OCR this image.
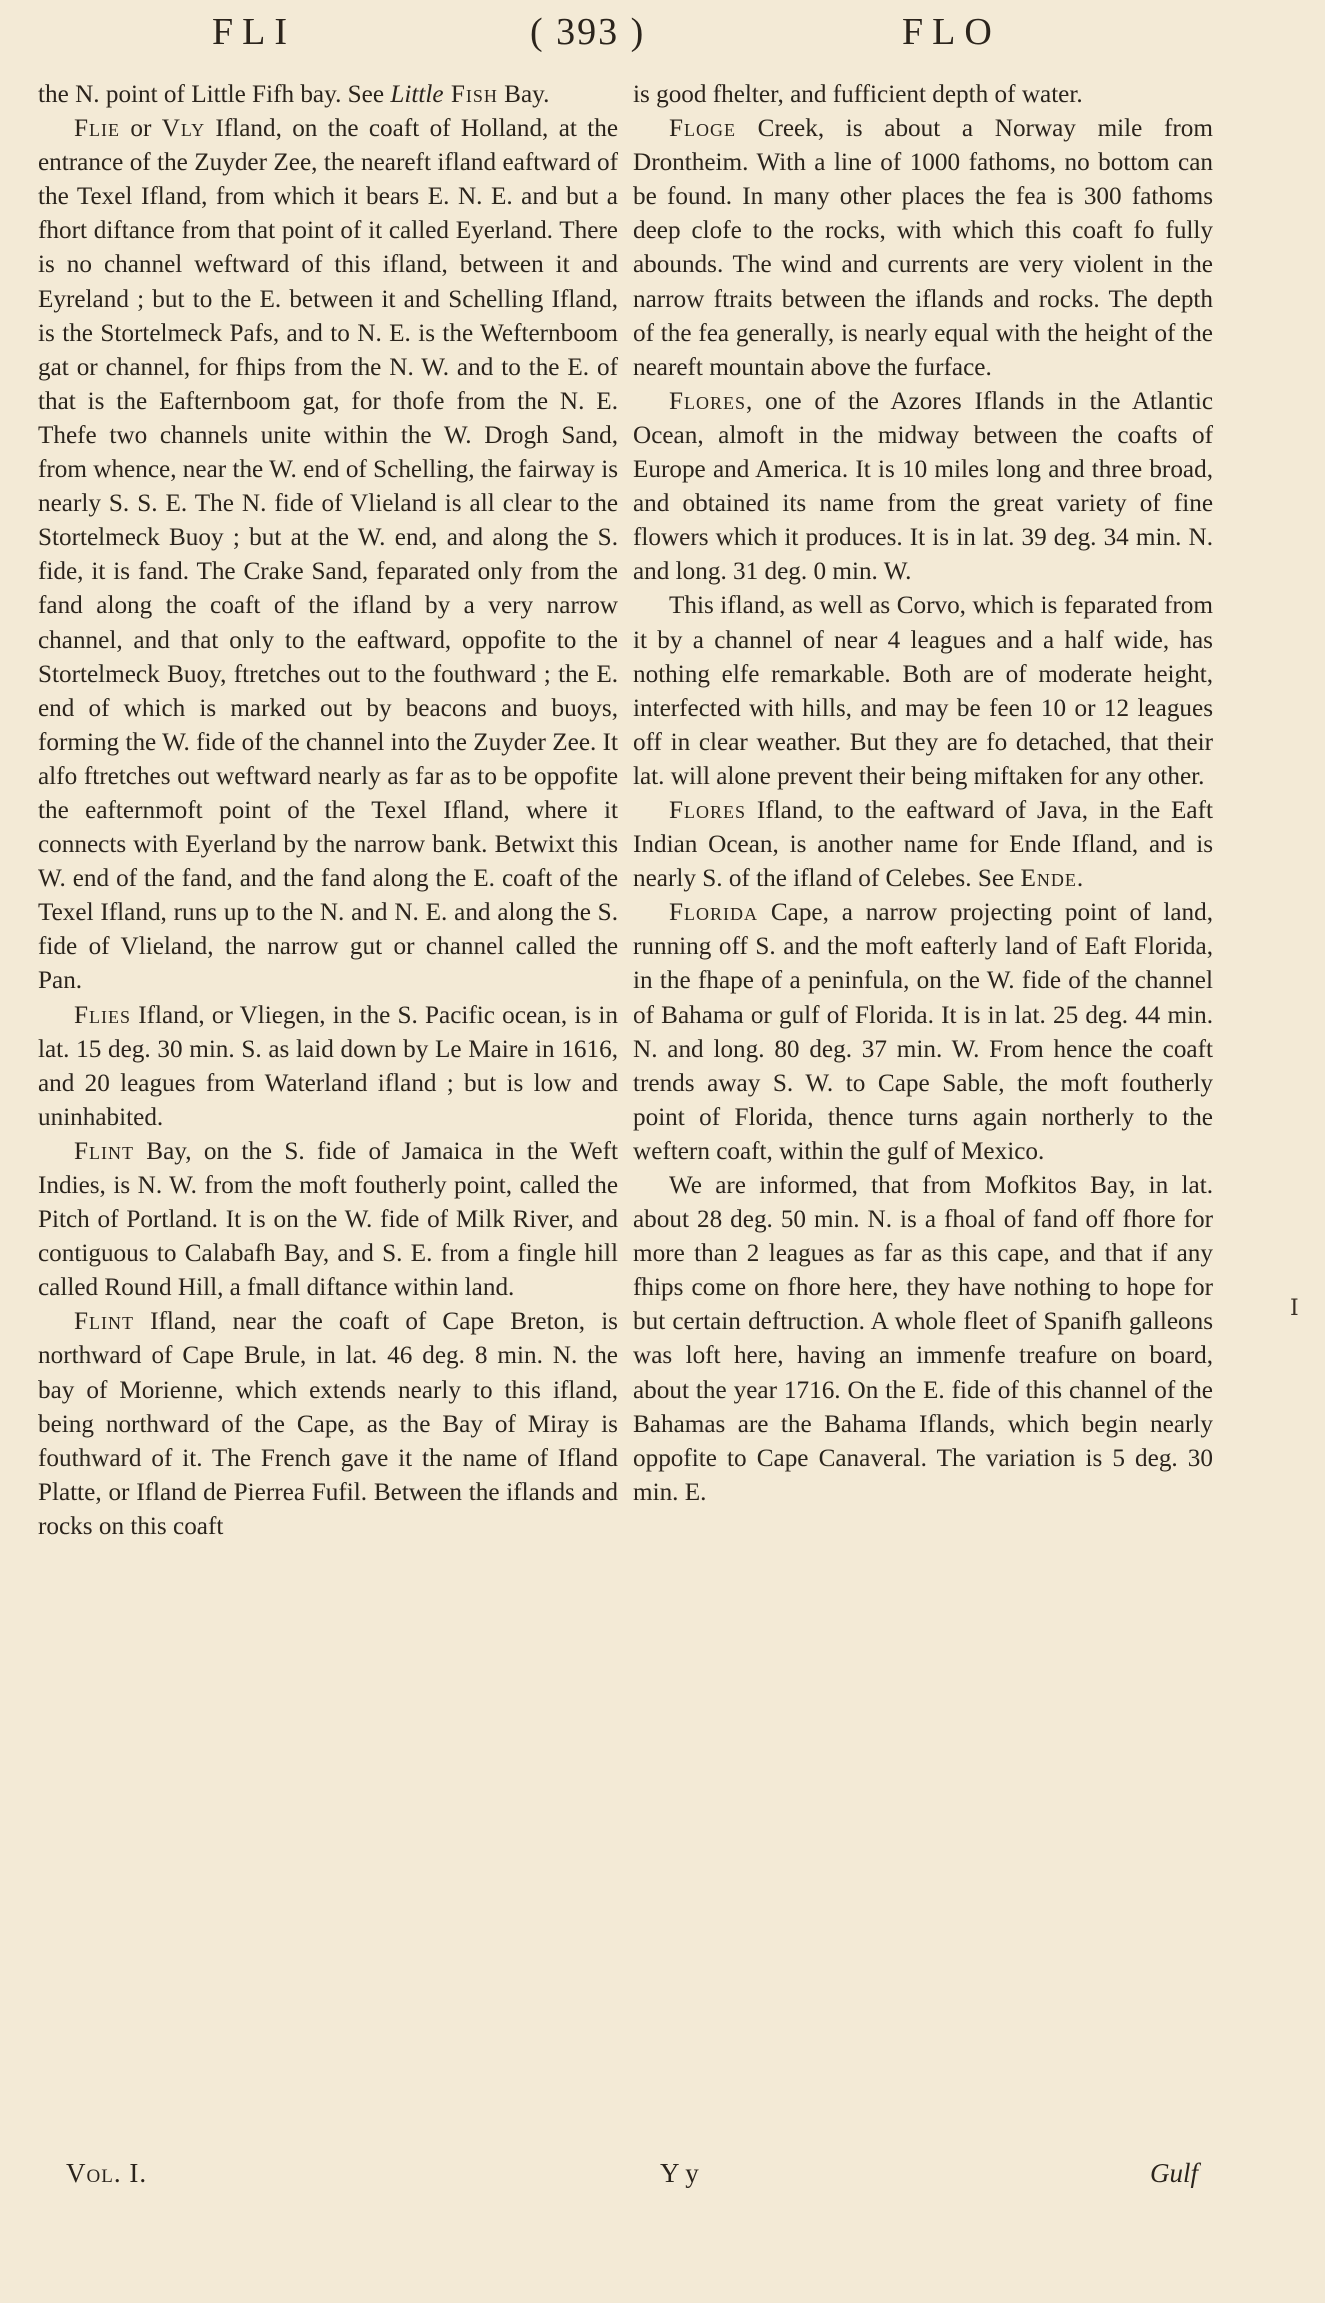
FLI	( 393 )	FLO

the N. point of Little Fifh bay. See Little Fish Bay.

Flie or Vly Ifland, on the coaft of Holland, at the entrance of the Zuyder Zee, the neareft ifland eaftward of the Texel Ifland, from which it bears E. N. E. and but a fhort diftance from that point of it called Eyerland. There is no channel weftward of this ifland, between it and Eyreland ; but to the E. between it and Schelling Ifland, is the Stortelmeck Pafs, and to N. E. is the Wefternboom gat or channel, for fhips from the N. W. and to the E. of that is the Eafternboom gat, for thofe from the N. E. Thefe two channels unite within the W. Drogh Sand, from whence, near the W. end of Schelling, the fairway is nearly S. S. E. The N. fide of Vlieland is all clear to the Stortelmeck Buoy ; but at the W. end, and along the S. fide, it is fand. The Crake Sand, feparated only from the fand along the coaft of the ifland by a very narrow channel, and that only to the eaftward, oppofite to the Stortelmeck Buoy, ftretches out to the fouthward ; the E. end of which is marked out by beacons and buoys, forming the W. fide of the channel into the Zuyder Zee. It alfo ftretches out weftward nearly as far as to be oppofite the eafternmoft point of the Texel Ifland, where it connects with Eyerland by the narrow bank. Betwixt this W. end of the fand, and the fand along the E. coaft of the Texel Ifland, runs up to the N. and N. E. and along the S. fide of Vlieland, the narrow gut or channel called the Pan.

Flies Ifland, or Vliegen, in the S. Pacific ocean, is in lat. 15 deg. 30 min. S. as laid down by Le Maire in 1616, and 20 leagues from Waterland ifland ; but is low and uninhabited.

Flint Bay, on the S. fide of Jamaica in the Weft Indies, is N. W. from the moft foutherly point, called the Pitch of Portland. It is on the W. fide of Milk River, and contiguous to Calabafh Bay, and S. E. from a fingle hill called Round Hill, a fmall diftance within land.

Flint Ifland, near the coaft of Cape Breton, is northward of Cape Brule, in lat. 46 deg. 8 min. N. the bay of Morienne, which extends nearly to this ifland, being northward of the Cape, as the Bay of Miray is fouthward of it. The French gave it the name of Ifland Platte, or Ifland de Pierrea Fufil. Between the iflands and rocks on this coaft

is good fhelter, and fufficient depth of water.

Floge Creek, is about a Norway mile from Drontheim. With a line of 1000 fathoms, no bottom can be found. In many other places the fea is 300 fathoms deep clofe to the rocks, with which this coaft fo fully abounds. The wind and currents are very violent in the narrow ftraits between the iflands and rocks. The depth of the fea generally, is nearly equal with the height of the neareft mountain above the furface.

Flores, one of the Azores Iflands in the Atlantic Ocean, almoft in the midway between the coafts of Europe and America. It is 10 miles long and three broad, and obtained its name from the great variety of fine flowers which it produces. It is in lat. 39 deg. 34 min. N. and long. 31 deg. 0 min. W.

This ifland, as well as Corvo, which is feparated from it by a channel of near 4 leagues and a half wide, has nothing elfe remarkable. Both are of moderate height, interfected with hills, and may be feen 10 or 12 leagues off in clear weather. But they are fo detached, that their lat. will alone prevent their being miftaken for any other.

Flores Ifland, to the eaftward of Java, in the Eaft Indian Ocean, is another name for Ende Ifland, and is nearly S. of the ifland of Celebes. See Ende.

Florida Cape, a narrow projecting point of land, running off S. and the moft eafterly land of Eaft Florida, in the fhape of a peninfula, on the W. fide of the channel of Bahama or gulf of Florida. It is in lat. 25 deg. 44 min. N. and long. 80 deg. 37 min. W. From hence the coaft trends away S. W. to Cape Sable, the moft foutherly point of Florida, thence turns again northerly to the weftern coaft, within the gulf of Mexico.

We are informed, that from Mofkitos Bay, in lat. about 28 deg. 50 min. N. is a fhoal of fand off fhore for more than 2 leagues as far as this cape, and that if any fhips come on fhore here, they have nothing to hope for but certain deftruction. A whole fleet of Spanifh galleons was loft here, having an immenfe treafure on board, about the year 1716. On the E. fide of this channel of the Bahamas are the Bahama Iflands, which begin nearly oppofite to Cape Canaveral. The variation is 5 deg. 30 min. E.

I
Vol. I.	Y y	Gulf
